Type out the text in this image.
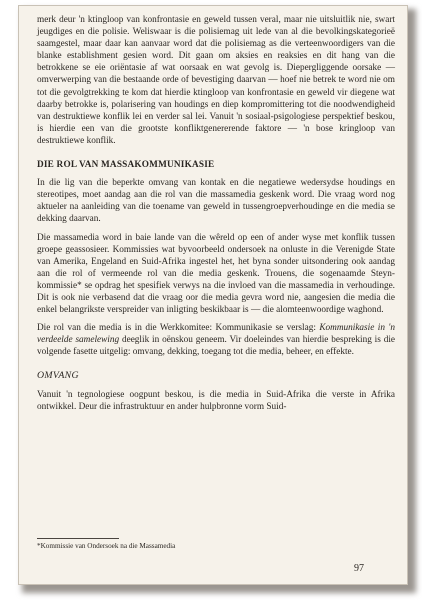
merk deur 'n ktingloop van konfrontasie en geweld tussen veral, maar nie uitsluitlik nie, swart jeugdiges en die polisie. Weliswaar is die polisiemag uit lede van al die bevolkingskategorieë saamgestel, maar daar kan aanvaar word dat die polisiemag as die verteenwoordigers van die blanke establishment gesien word. Dit gaan om aksies en reaksies en dit hang van die betrokkene se eie oriëntasie af wat oorsaak en wat gevolg is. Diepergliggende oorsake — omverwerping van die bestaande orde of bevestiging daarvan — hoef nie betrek te word nie om tot die gevolgtrekking te kom dat hierdie ktingloop van konfrontasie en geweld vir diegene wat daarby betrokke is, polarisering van houdings en diep kompromittering tot die noodwendigheid van destruktiewe konflik lei en verder sal lei. Vanuit 'n sosiaal-psigologiese perspektief beskou, is hierdie een van die grootste konfliktgenererende faktore — 'n bose kringloop van destruktiewe konflik.

DIE ROL VAN MASSAKOMMUNIKASIE

In die lig van die beperkte omvang van kontak en die negatiewe wedersydse houdings en stereotipes, moet aandag aan die rol van die massamedia geskenk word. Die vraag word nog aktueler na aanleiding van die toename van geweld in tussengroepverhoudinge en die media se dekking daarvan.

Die massamedia word in baie lande van die wêreld op een of ander wyse met konflik tussen groepe geassosieer. Kommissies wat byvoorbeeld ondersoek na onluste in die Verenigde State van Amerika, Engeland en Suid-Afrika ingestel het, het byna sonder uitsondering ook aandag aan die rol of vermeende rol van die media geskenk. Trouens, die sogenaamde Steyn-kommissie* se opdrag het spesifiek verwys na die invloed van die massamedia in verhoudinge. Dit is ook nie verbasend dat die vraag oor die media gevra word nie, aangesien die media die enkel belangrikste verspreider van inligting beskikbaar is — die alomteenwoordige waghond.

Die rol van die media is in die Werkkomitee: Kommunikasie se verslag: Kommunikasie in 'n verdeelde samelewing deeglik in oënskou geneem. Vir doeleindes van hierdie bespreking is die volgende fasette uitgelig: omvang, dekking, toegang tot die media, beheer, en effekte.

OMVANG

Vanuit 'n tegnologiese oogpunt beskou, is die media in Suid-Afrika die verste in Afrika ontwikkel. Deur die infrastruktuur en ander hulpbronne vorm Suid-

*Kommissie van Ondersoek na die Massamedia
97
